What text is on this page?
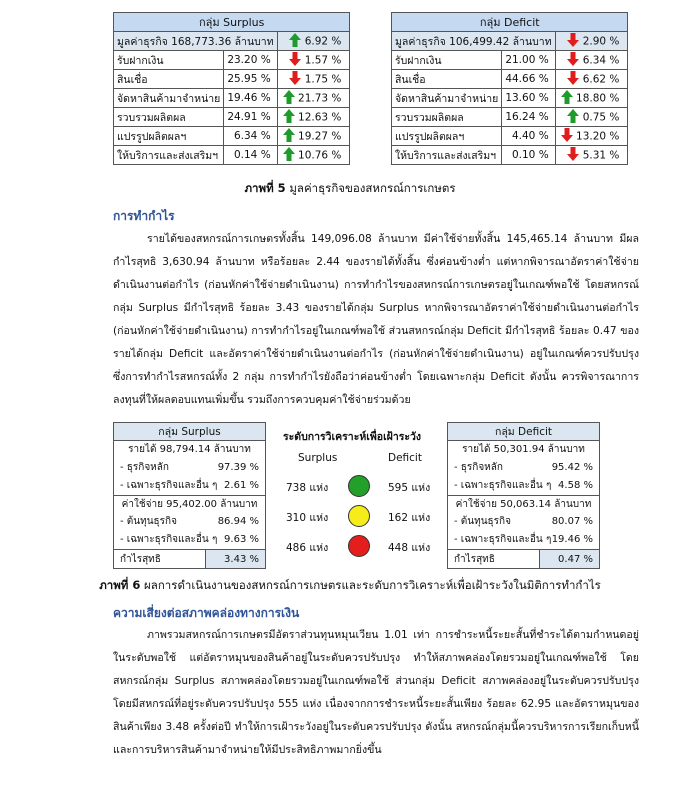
กลุ่ม Surplus		
มูลค่าธุรกิจ 168,773.36 ล้านบาท		6.92 %
รับฝากเงิน	23.20 %	1.57 %
สินเชื่อ	25.95 %	1.75 %
จัดหาสินค้ามาจำหน่าย	19.46 %	21.73 %
รวบรวมผลิตผล	24.91 %	12.63 %
แปรรูปผลิตผลฯ	6.34 %	19.27 %
ให้บริการและส่งเสริมฯ	0.14 %	10.76 %
กลุ่ม Deficit		
มูลค่าธุรกิจ 106,499.42 ล้านบาท		2.90 %
รับฝากเงิน	21.00 %	6.34 %
สินเชื่อ	44.66 %	6.62 %
จัดหาสินค้ามาจำหน่าย	13.60 %	18.80 %
รวบรวมผลิตผล	16.24 %	0.75 %
แปรรูปผลิตผลฯ	4.40 %	13.20 %
ให้บริการและส่งเสริมฯ	0.10 %	5.31 %
ภาพที่ 5 มูลค่าธุรกิจของสหกรณ์การเกษตร
การทำกำไร

รายได้ของสหกรณ์การเกษตรทั้งสิ้น 149,096.08 ล้านบาท มีค่าใช้จ่ายทั้งสิ้น 145,465.14 ล้านบาท มีผลกำไรสุทธิ 3,630.94 ล้านบาท หรือร้อยละ 2.44 ของรายได้ทั้งสิ้น ซึ่งค่อนข้างต่ำ แต่หากพิจารณาอัตราค่าใช้จ่ายดำเนินงานต่อกำไร (ก่อนหักค่าใช้จ่ายดำเนินงาน) การทำกำไรของสหกรณ์การเกษตรอยู่ในเกณฑ์พอใช้ โดยสหกรณ์กลุ่ม Surplus มีกำไรสุทธิ ร้อยละ 3.43 ของรายได้กลุ่ม Surplus หากพิจารณาอัตราค่าใช้จ่ายดำเนินงานต่อกำไร (ก่อนหักค่าใช้จ่ายดำเนินงาน) การทำกำไรอยู่ในเกณฑ์พอใช้ ส่วนสหกรณ์กลุ่ม Deficit มีกำไรสุทธิ ร้อยละ 0.47 ของรายได้กลุ่ม Deficit และอัตราค่าใช้จ่ายดำเนินงานต่อกำไร (ก่อนหักค่าใช้จ่ายดำเนินงาน) อยู่ในเกณฑ์ควรปรับปรุง ซึ่งการทำกำไรสหกรณ์ทั้ง 2 กลุ่ม การทำกำไรยังถือว่าค่อนข้างต่ำ โดยเฉพาะกลุ่ม Deficit ดังนั้น ควรพิจารณาการลงทุนที่ให้ผลตอบแทนเพิ่มขึ้น รวมถึงการควบคุมค่าใช้จ่ายร่วมด้วย

กลุ่ม Surplus
รายได้ 98,794.14 ล้านบาท
- ธุรกิจหลัก	97.39 %
- เฉพาะธุรกิจและอื่น ๆ 2.61 %
ค่าใช้จ่าย 95,402.00 ล้านบาท
- ต้นทุนธุรกิจ	86.94 %
- เฉพาะธุรกิจและอื่น ๆ 9.63 %
กำไรสุทธิ	3.43 %
กลุ่ม Deficit
รายได้ 50,301.94 ล้านบาท
- ธุรกิจหลัก	95.42 %
- เฉพาะธุรกิจและอื่น ๆ 4.58 %
ค่าใช้จ่าย 50,063.14 ล้านบาท
- ต้นทุนธุรกิจ	80.07 %
- เฉพาะธุรกิจและอื่น ๆ 19.46 %
กำไรสุทธิ	0.47 %
ระดับการวิเคราะห์เพื่อเฝ้าระวัง
Surplus	Deficit
738 แห่ง	595 แห่ง
310 แห่ง	162 แห่ง
486 แห่ง	448 แห่ง
ภาพที่ 6 ผลการดำเนินงานของสหกรณ์การเกษตรและระดับการวิเคราะห์เพื่อเฝ้าระวังในมิติการทำกำไร
ความเสี่ยงต่อสภาพคล่องทางการเงิน

ภาพรวมสหกรณ์การเกษตรมีอัตราส่วนทุนหมุนเวียน 1.01 เท่า การชำระหนี้ระยะสั้นที่ชำระได้ตามกำหนดอยู่ในระดับพอใช้ แต่อัตราหมุนของสินค้าอยู่ในระดับควรปรับปรุง ทำให้สภาพคล่องโดยรวมอยู่ในเกณฑ์พอใช้ โดยสหกรณ์กลุ่ม Surplus สภาพคล่องโดยรวมอยู่ในเกณฑ์พอใช้ ส่วนกลุ่ม Deficit สภาพคล่องอยู่ในระดับควรปรับปรุง โดยมีสหกรณ์ที่อยู่ระดับควรปรับปรุง 555 แห่ง เนื่องจากการชำระหนี้ระยะสั้นเพียง ร้อยละ 62.95 และอัตราหมุนของสินค้าเพียง 3.48 ครั้งต่อปี ทำให้การเฝ้าระวังอยู่ในระดับควรปรับปรุง ดังนั้น สหกรณ์กลุ่มนี้ควรบริหารการเรียกเก็บหนี้และการบริหารสินค้ามาจำหน่ายให้มีประสิทธิภาพมากยิ่งขึ้น
